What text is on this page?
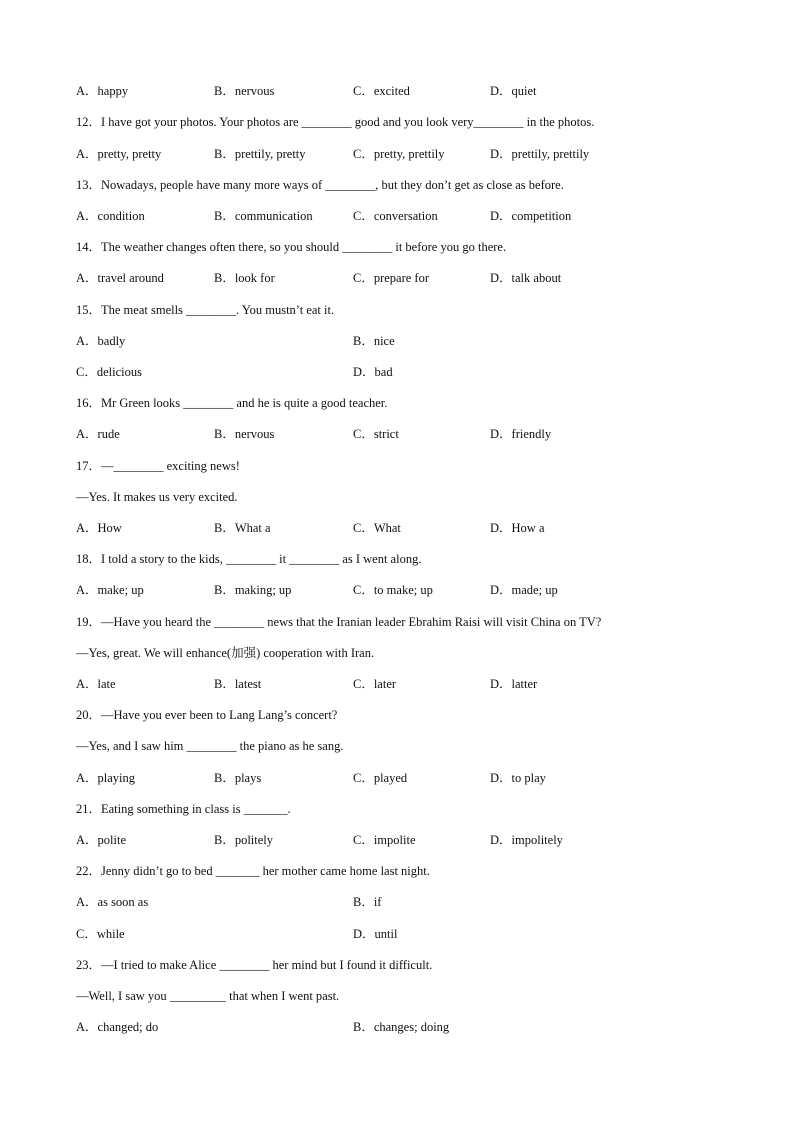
A．happy	B．nervous	C．excited	D．quiet
12．I have got your photos. Your photos are ________ good and you look very________ in the photos.
A．pretty, pretty	B．prettily, pretty	C．pretty, prettily	D．prettily, prettily
13．Nowadays, people have many more ways of ________, but they don’t get as close as before.
A．condition	B．communication	C．conversation	D．competition
14．The weather changes often there, so you should ________ it before you go there.
A．travel around	B．look for	C．prepare for	D．talk about
15．The meat smells ________. You mustn’t eat it.
A．badly	B．nice
C．delicious	D．bad
16．Mr Green looks ________ and he is quite a good teacher.
A．rude	B．nervous	C．strict	D．friendly
17．—________ exciting news!
—Yes. It makes us very excited.
A．How	B．What a	C．What	D．How a
18．I told a story to the kids, ________ it ________ as I went along.
A．make; up	B．making; up	C．to make; up	D．made; up
19．—Have you heard the ________ news that the Iranian leader Ebrahim Raisi will visit China on TV?
—Yes, great. We will enhance(加强) cooperation with Iran.
A．late	B．latest	C．later	D．latter
20．—Have you ever been to Lang Lang’s concert?
—Yes, and I saw him ________ the piano as he sang.
A．playing	B．plays	C．played	D．to play
21．Eating something in class is _______.
A．polite	B．politely	C．impolite	D．impolitely
22．Jenny didn’t go to bed _______ her mother came home last night.
A．as soon as	B．if
C．while	D．until
23．—I tried to make Alice ________ her mind but I found it difficult.
—Well, I saw you _________ that when I went past.
A．changed; do	B．changes; doing
